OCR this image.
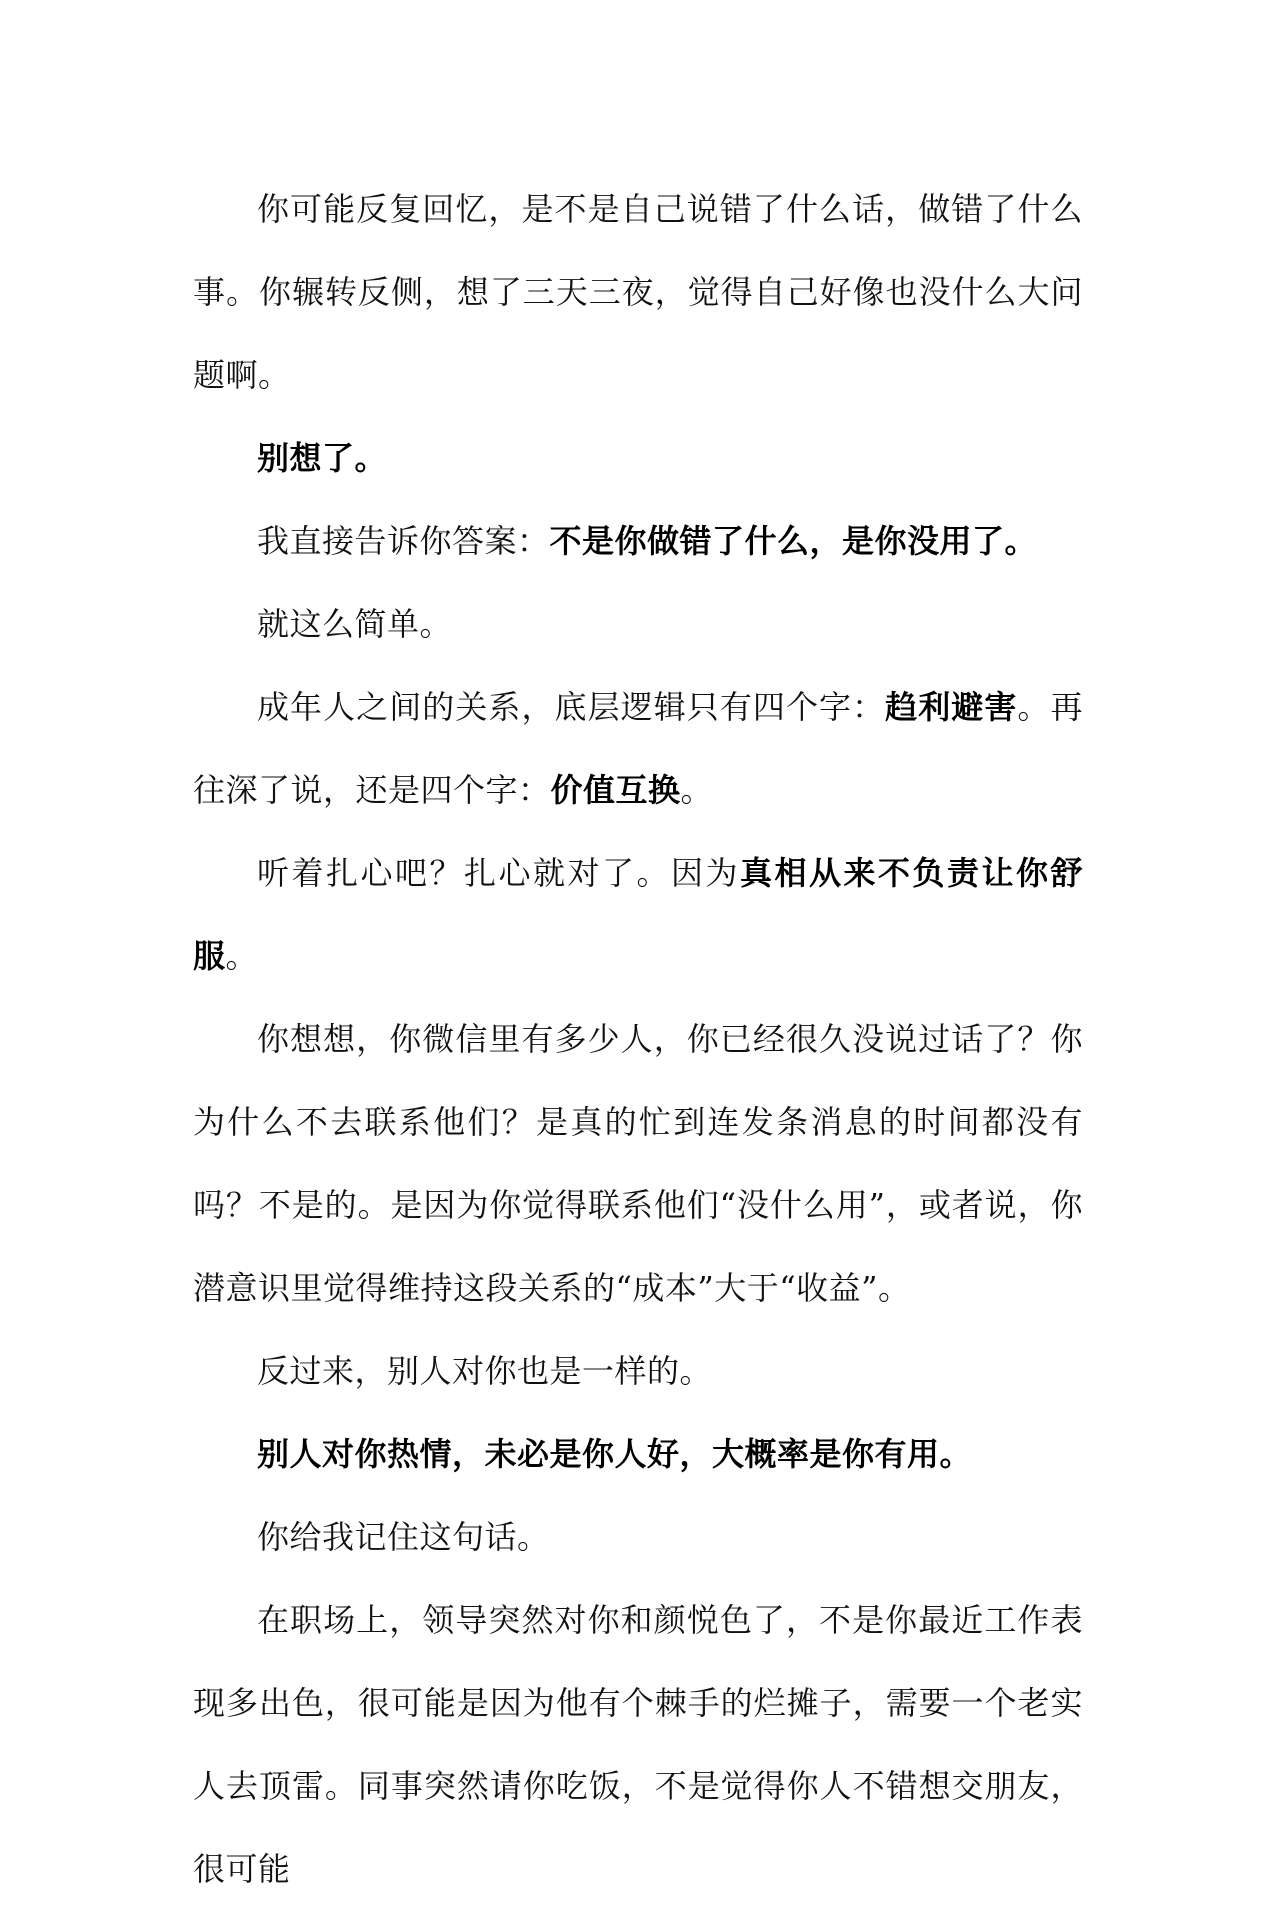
你可能反复回忆，是不是自己说错了什么话，做错了什么事。你辗转反侧，想了三天三夜，觉得自己好像也没什么大问题啊。

别想了。

我直接告诉你答案：不是你做错了什么，是你没用了。

就这么简单。

成年人之间的关系，底层逻辑只有四个字：趋利避害。再往深了说，还是四个字：价值互换。

听着扎心吧？扎心就对了。因为真相从来不负责让你舒服。

你想想，你微信里有多少人，你已经很久没说过话了？你为什么不去联系他们？是真的忙到连发条消息的时间都没有吗？不是的。是因为你觉得联系他们“没什么用”，或者说，你潜意识里觉得维持这段关系的“成本”大于“收益”。

反过来，别人对你也是一样的。

别人对你热情，未必是你人好，大概率是你有用。

你给我记住这句话。

在职场上，领导突然对你和颜悦色了，不是你最近工作表现多出色，很可能是因为他有个棘手的烂摊子，需要一个老实人去顶雷。同事突然请你吃饭，不是觉得你人不错想交朋友，很可能
